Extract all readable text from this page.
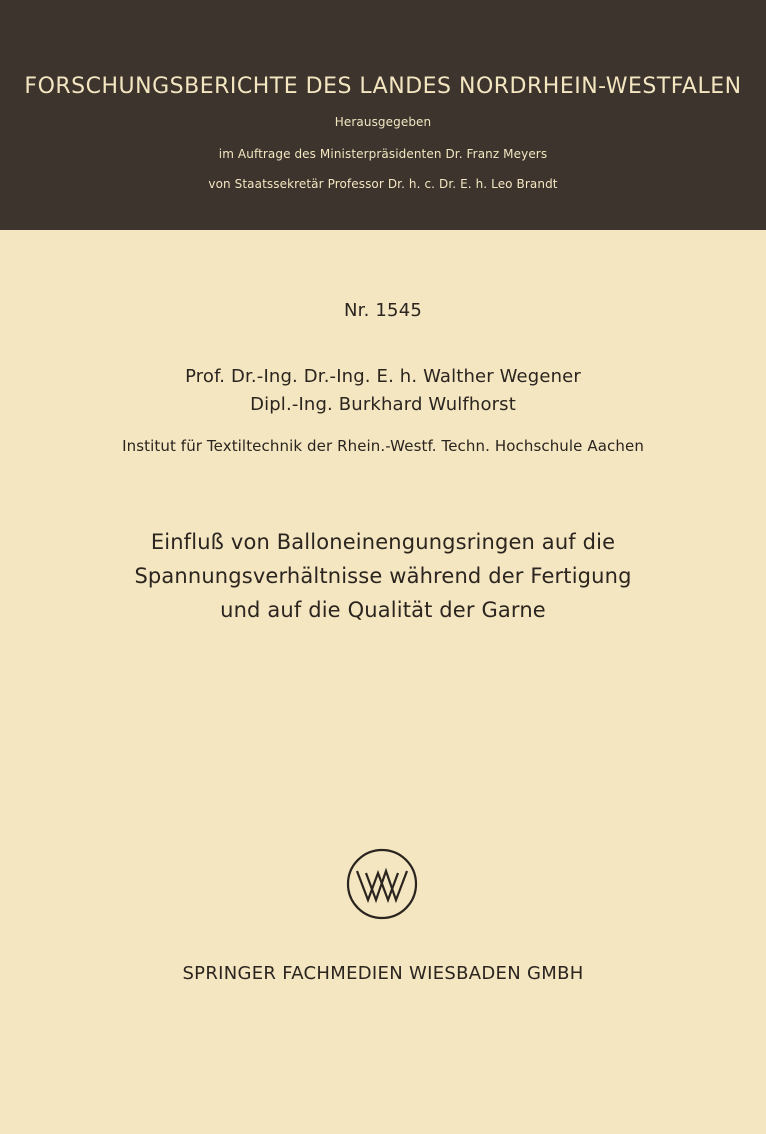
FORSCHUNGSBERICHTE DES LANDES NORDRHEIN-WESTFALEN
Herausgegeben
im Auftrage des Ministerpräsidenten Dr. Franz Meyers
von Staatssekretär Professor Dr. h. c. Dr. E. h. Leo Brandt
Nr. 1545
Prof. Dr.-Ing. Dr.-Ing. E. h. Walther Wegener
Dipl.-Ing. Burkhard Wulfhorst
Institut für Textiltechnik der Rhein.-Westf. Techn. Hochschule Aachen
Einfluß von Balloneinengungsringen auf die
Spannungsverhältnisse während der Fertigung
und auf die Qualität der Garne
SPRINGER FACHMEDIEN WIESBADEN GMBH
